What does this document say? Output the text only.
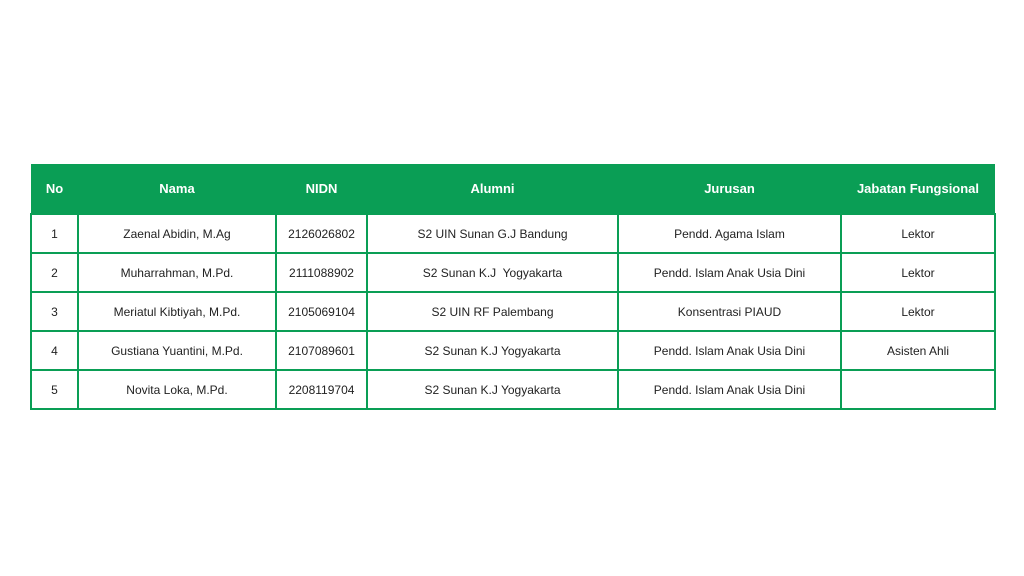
No	Nama	NIDN	Alumni	Jurusan	Jabatan Fungsional
1	Zaenal Abidin, M.Ag	2126026802	S2 UIN Sunan G.J Bandung	Pendd. Agama Islam	Lektor
2	Muharrahman, M.Pd.	2111088902	S2 Sunan K.J  Yogyakarta	Pendd. Islam Anak Usia Dini	Lektor
3	Meriatul Kibtiyah, M.Pd.	2105069104	S2 UIN RF Palembang	Konsentrasi PIAUD	Lektor
4	Gustiana Yuantini, M.Pd.	2107089601	S2 Sunan K.J Yogyakarta	Pendd. Islam Anak Usia Dini	Asisten Ahli
5	Novita Loka, M.Pd.	2208119704	S2 Sunan K.J Yogyakarta	Pendd. Islam Anak Usia Dini	
